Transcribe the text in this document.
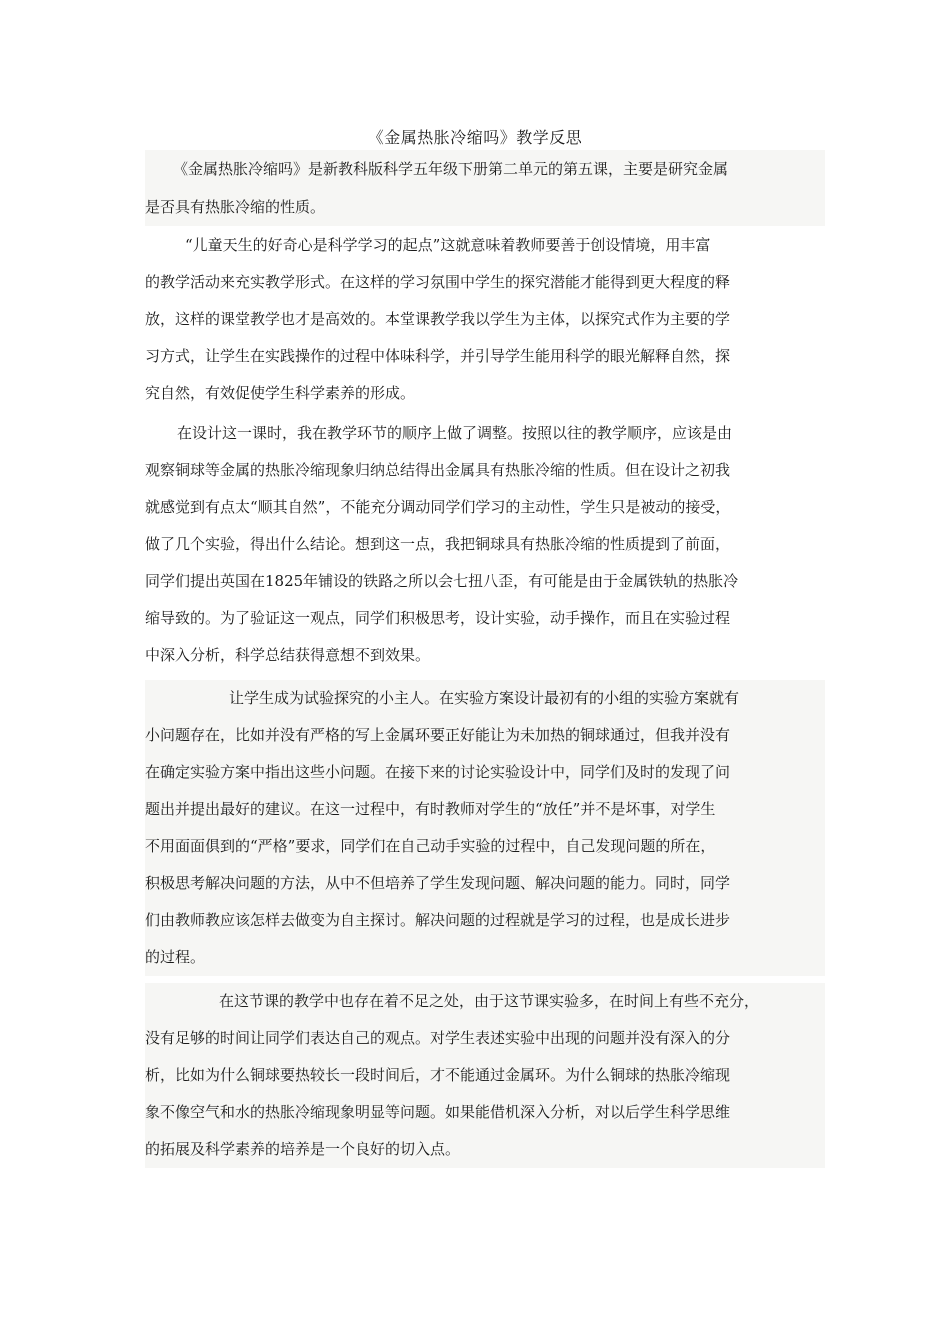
《金属热胀冷缩吗》教学反思
《金属热胀冷缩吗》是新教科版科学五年级下册第二单元的第五课，主要是研究金属
是否具有热胀冷缩的性质。
“儿童天生的好奇心是科学学习的起点”这就意味着教师要善于创设情境，用丰富
的教学活动来充实教学形式。在这样的学习氛围中学生的探究潜能才能得到更大程度的释
放，这样的课堂教学也才是高效的。本堂课教学我以学生为主体，以探究式作为主要的学
习方式，让学生在实践操作的过程中体味科学，并引导学生能用科学的眼光解释自然，探
究自然，有效促使学生科学素养的形成。
在设计这一课时，我在教学环节的顺序上做了调整。按照以往的教学顺序，应该是由
观察铜球等金属的热胀冷缩现象归纳总结得出金属具有热胀冷缩的性质。但在设计之初我
就感觉到有点太“顺其自然”，不能充分调动同学们学习的主动性，学生只是被动的接受，
做了几个实验，得出什么结论。想到这一点，我把铜球具有热胀冷缩的性质提到了前面，
同学们提出英国在1825年铺设的铁路之所以会七扭八歪，有可能是由于金属铁轨的热胀冷
缩导致的。为了验证这一观点，同学们积极思考，设计实验，动手操作，而且在实验过程
中深入分析，科学总结获得意想不到效果。
让学生成为试验探究的小主人。在实验方案设计最初有的小组的实验方案就有
小问题存在，比如并没有严格的写上金属环要正好能让为未加热的铜球通过，但我并没有
在确定实验方案中指出这些小问题。在接下来的讨论实验设计中，同学们及时的发现了问
题出并提出最好的建议。在这一过程中，有时教师对学生的“放任”并不是坏事，对学生
不用面面俱到的“严格”要求，同学们在自己动手实验的过程中，自己发现问题的所在，
积极思考解决问题的方法，从中不但培养了学生发现问题、解决问题的能力。同时，同学
们由教师教应该怎样去做变为自主探讨。解决问题的过程就是学习的过程，也是成长进步
的过程。
在这节课的教学中也存在着不足之处，由于这节课实验多，在时间上有些不充分，
没有足够的时间让同学们表达自己的观点。对学生表述实验中出现的问题并没有深入的分
析，比如为什么铜球要热较长一段时间后，才不能通过金属环。为什么铜球的热胀冷缩现
象不像空气和水的热胀冷缩现象明显等问题。如果能借机深入分析，对以后学生科学思维
的拓展及科学素养的培养是一个良好的切入点。
